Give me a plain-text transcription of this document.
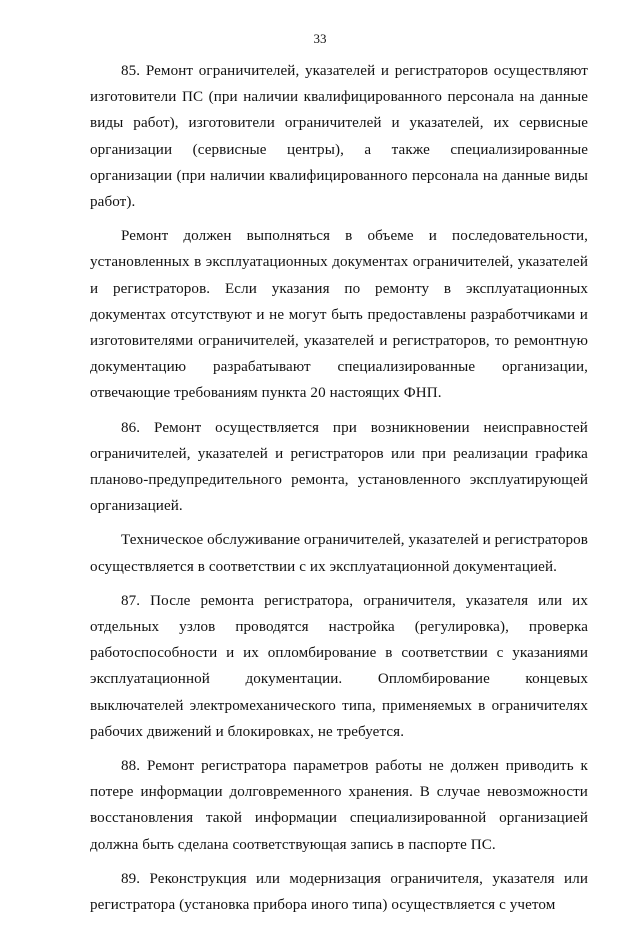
33

85. Ремонт ограничителей, указателей и регистраторов осуществляют изготовители ПС (при наличии квалифицированного персонала на данные виды работ), изготовители ограничителей и указателей, их сервисные организации (сервисные центры), а также специализированные организации (при наличии квалифицированного персонала на данные виды работ).

Ремонт должен выполняться в объеме и последовательности, установленных в эксплуатационных документах ограничителей, указателей и регистраторов. Если указания по ремонту в эксплуатационных документах отсутствуют и не могут быть предоставлены разработчиками и изготовителями ограничителей, указателей и регистраторов, то ремонтную документацию разрабатывают специализированные организации, отвечающие требованиям пункта 20 настоящих ФНП.

86. Ремонт осуществляется при возникновении неисправностей ограничителей, указателей и регистраторов или при реализации графика планово-предупредительного ремонта, установленного эксплуатирующей организацией.

Техническое обслуживание ограничителей, указателей и регистраторов осуществляется в соответствии с их эксплуатационной документацией.

87. После ремонта регистратора, ограничителя, указателя или их отдельных узлов проводятся настройка (регулировка), проверка работоспособности и их опломбирование в соответствии с указаниями эксплуатационной документации. Опломбирование концевых выключателей электромеханического типа, применяемых в ограничителях рабочих движений и блокировках, не требуется.

88. Ремонт регистратора параметров работы не должен приводить к потере информации долговременного хранения. В случае невозможности восстановления такой информации специализированной организацией должна быть сделана соответствующая запись в паспорте ПС.

89. Реконструкция или модернизация ограничителя, указателя или регистратора (установка прибора иного типа) осуществляется с учетом
